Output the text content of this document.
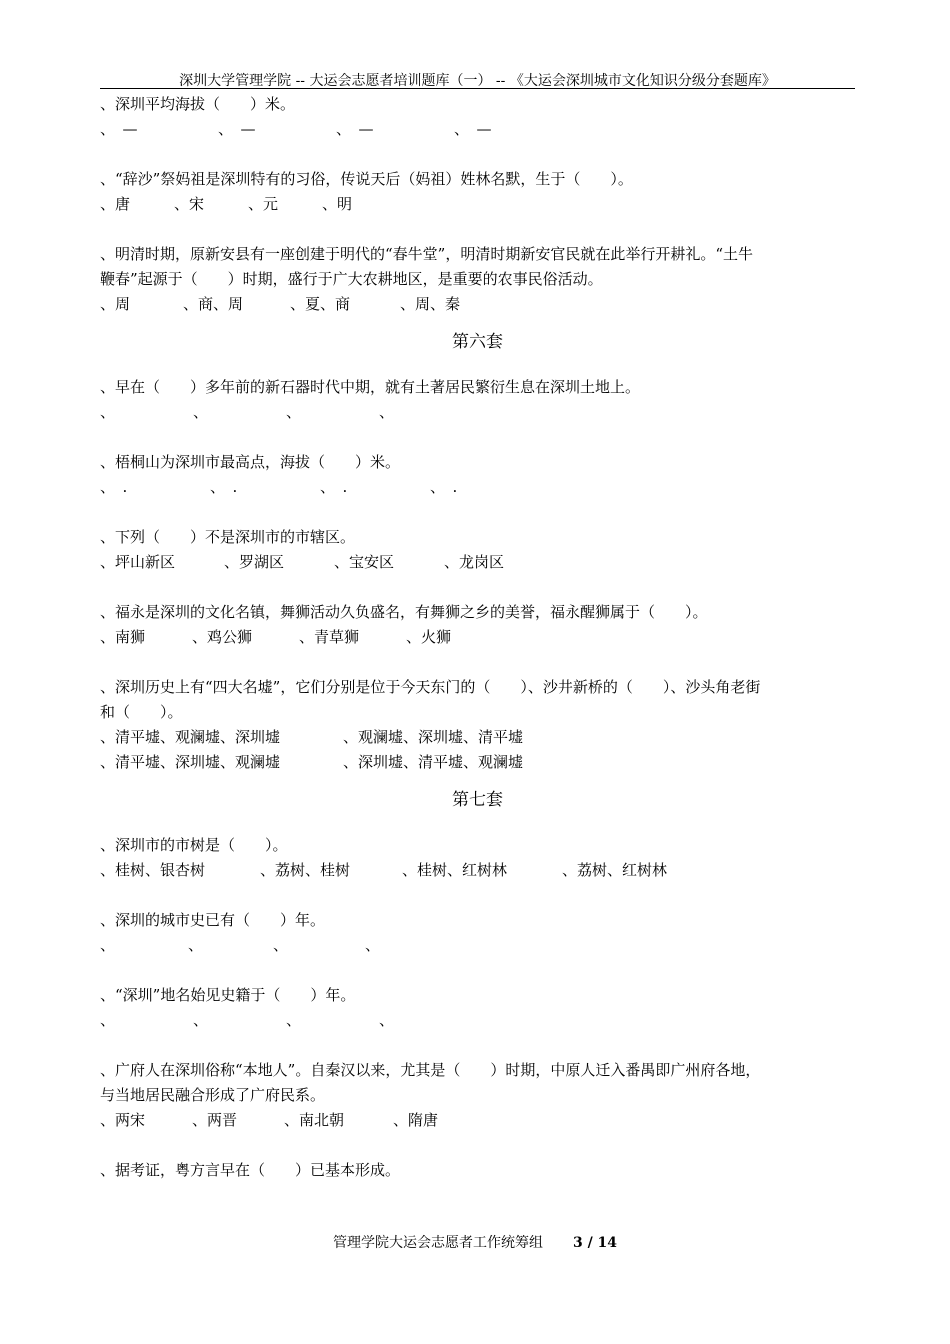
深圳大学管理学院 -- 大运会志愿者培训题库（一） -- 《大运会深圳城市文化知识分级分套题库》
、深圳平均海拔（　　）米。
、　—	、　—	、　—	、　—
、“辞沙”祭妈祖是深圳特有的习俗，传说天后（妈祖）姓林名默，生于（　　）。
、唐	、宋	、元	、明
、明清时期，原新安县有一座创建于明代的“春牛堂”，明清时期新安官民就在此举行开耕礼。“土牛
鞭春”起源于（　　）时期，盛行于广大农耕地区，是重要的农事民俗活动。
、周	、商、周	、夏、商	、周、秦
第六套
、早在（　　）多年前的新石器时代中期，就有土著居民繁衍生息在深圳土地上。
、	、	、	、
、梧桐山为深圳市最高点，海拔（　　）米。
、　.	、　.	、　.	、　.
、下列（　　）不是深圳市的市辖区。
、坪山新区	、罗湖区	、宝安区	、龙岗区
、福永是深圳的文化名镇，舞狮活动久负盛名，有舞狮之乡的美誉，福永醒狮属于（　　）。
、南狮	、鸡公狮	、青草狮	、火狮
、深圳历史上有“四大名墟”，它们分别是位于今天东门的（　　）、沙井新桥的（　　）、沙头角老街
和（　　）。
、清平墟、观澜墟、深圳墟	、观澜墟、深圳墟、清平墟
、清平墟、深圳墟、观澜墟	、深圳墟、清平墟、观澜墟
第七套
、深圳市的市树是（　　）。
、桂树、银杏树	、荔树、桂树	、桂树、红树林	、荔树、红树林
、深圳的城市史已有（　　）年。
、	、	、	、
、“深圳”地名始见史籍于（　　）年。
、	、	、	、
、广府人在深圳俗称“本地人”。自秦汉以来，尤其是（　　）时期，中原人迁入番禺即广州府各地，
与当地居民融合形成了广府民系。
、两宋	、两晋	、南北朝	、隋唐
、据考证，粤方言早在（　　）已基本形成。
管理学院大运会志愿者工作统筹组 3 / 14
